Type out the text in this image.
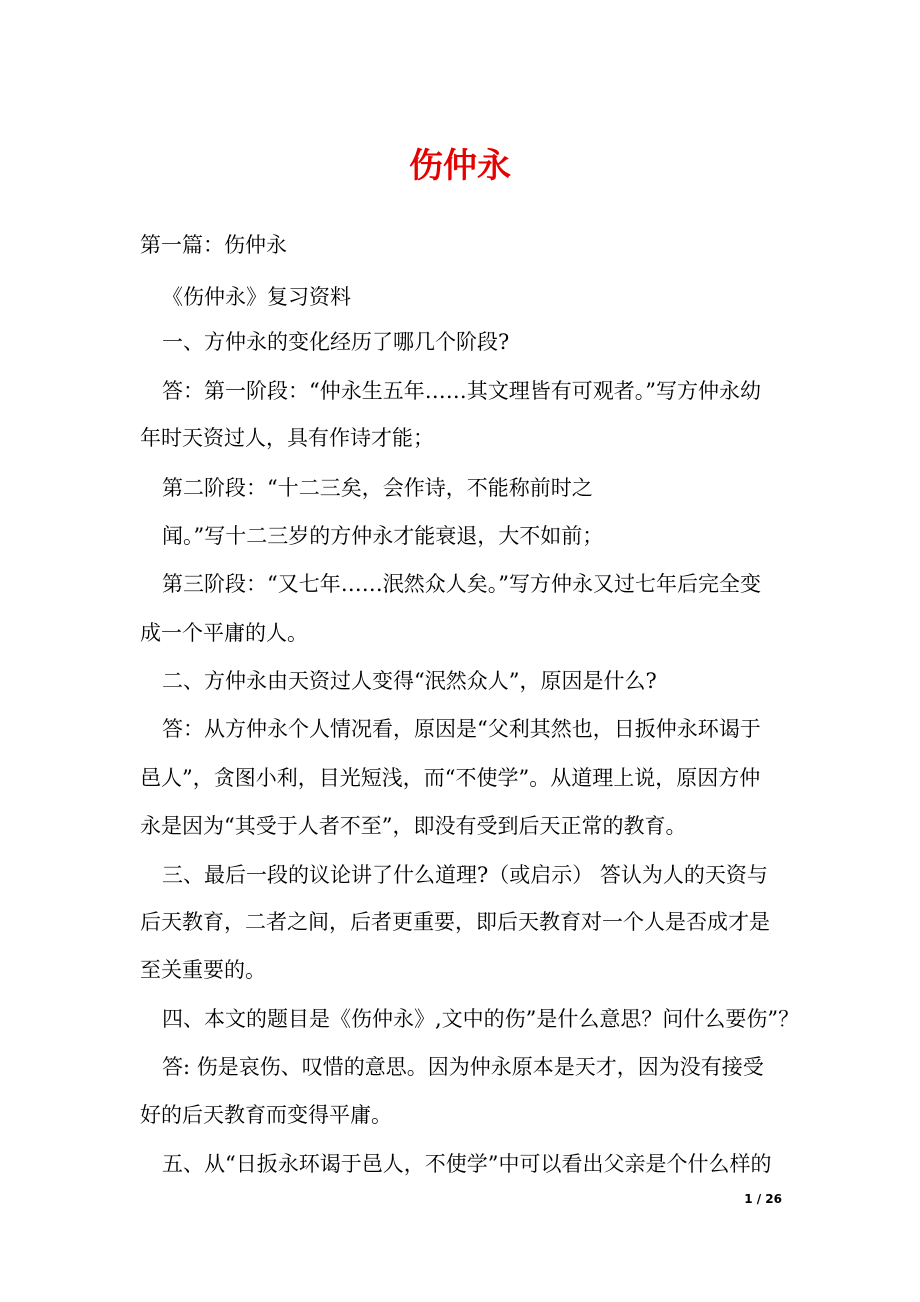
伤仲永
第一篇：伤仲永
《伤仲永》复习资料
一、方仲永的变化经历了哪几个阶段?
答：第一阶段：“仲永生五年……其文理皆有可观者。”写方仲永幼
年时天资过人，具有作诗才能；
第二阶段：“十二三矣，会作诗，不能称前时之
闻。”写十二三岁的方仲永才能衰退，大不如前；
第三阶段：“又七年……泯然众人矣。”写方仲永又过七年后完全变
成一个平庸的人。
二、方仲永由天资过人变得“泯然众人”，原因是什么?
答：从方仲永个人情况看，原因是“父利其然也，日扳仲永环谒于
邑人”，贪图小利，目光短浅，而“不使学”。从道理上说，原因方仲
永是因为“其受于人者不至”，即没有受到后天正常的教育。
三、最后一段的议论讲了什么道理?（或启示） 答认为人的天资与
后天教育，二者之间，后者更重要，即后天教育对一个人是否成才是
至关重要的。
四、本文的题目是《伤仲永》,文中的伤”是什么意思？问什么要伤”？
答: 伤是哀伤、叹惜的意思。因为仲永原本是天才，因为没有接受
好的后天教育而变得平庸。
五、从“日扳永环谒于邑人，不使学”中可以看出父亲是个什么样的
1 / 26
